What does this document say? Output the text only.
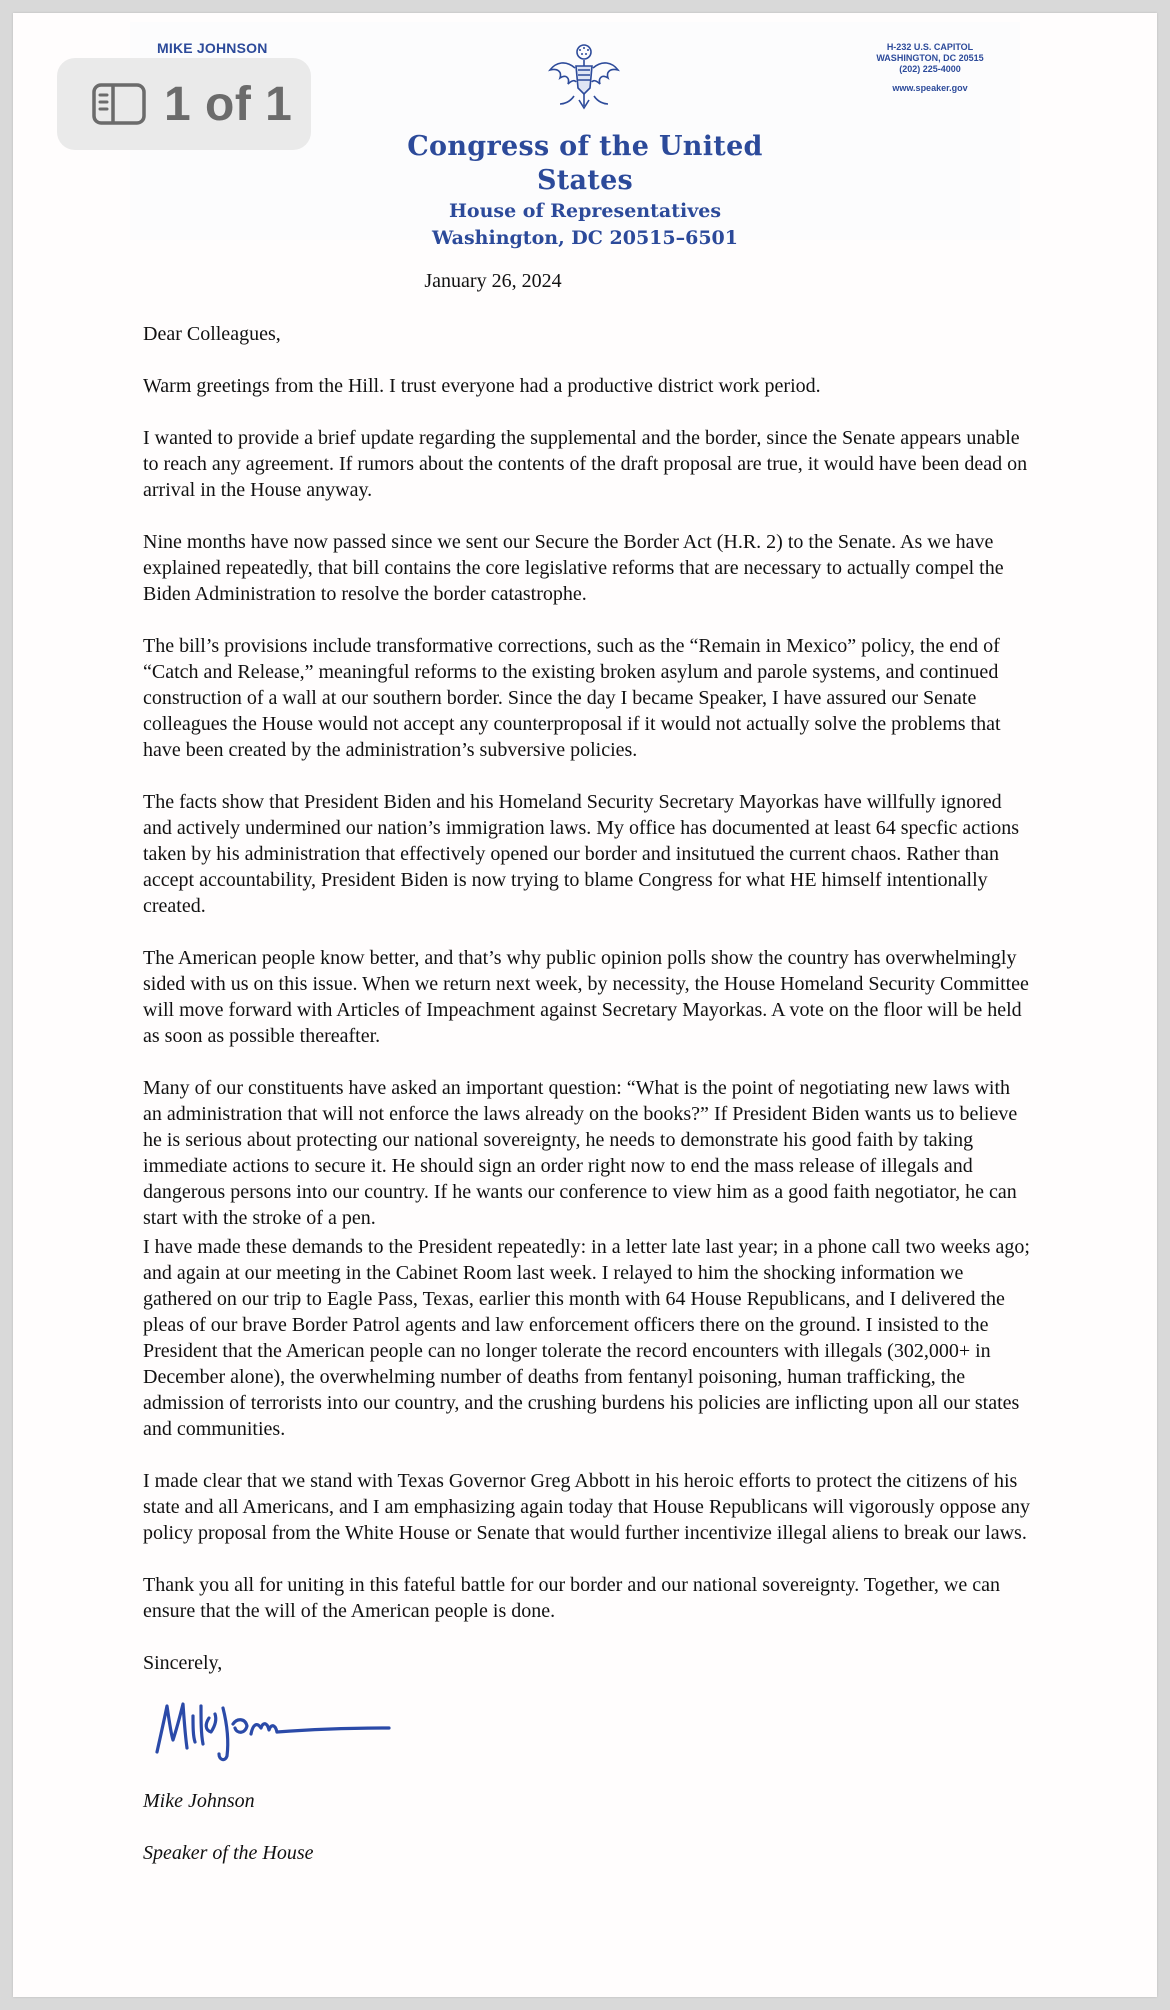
MIKE JOHNSON	H-232 U.S. CAPITOL
WASHINGTON, DC 20515
(202) 225-4000
www.speaker.gov
Congress of the United States
House of Representatives
Washington, DC 20515–6501
1 of 1
January 26, 2024

Dear Colleagues,

Warm greetings from the Hill. I trust everyone had a productive district work period.

I wanted to provide a brief update regarding the supplemental and the border, since the Senate appears unable to reach any agreement. If rumors about the contents of the draft proposal are true, it would have been dead on arrival in the House anyway.

Nine months have now passed since we sent our Secure the Border Act (H.R. 2) to the Senate. As we have explained repeatedly, that bill contains the core legislative reforms that are necessary to actually compel the Biden Administration to resolve the border catastrophe.

The bill’s provisions include transformative corrections, such as the “Remain in Mexico” policy, the end of “Catch and Release,” meaningful reforms to the existing broken asylum and parole systems, and continued construction of a wall at our southern border. Since the day I became Speaker, I have assured our Senate colleagues the House would not accept any counterproposal if it would not actually solve the problems that have been created by the administration’s subversive policies.

The facts show that President Biden and his Homeland Security Secretary Mayorkas have willfully ignored and actively undermined our nation’s immigration laws. My office has documented at least 64 specfic actions taken by his administration that effectively opened our border and insitutued the current chaos. Rather than accept accountability, President Biden is now trying to blame Congress for what HE himself intentionally created.

The American people know better, and that’s why public opinion polls show the country has overwhelmingly sided with us on this issue. When we return next week, by necessity, the House Homeland Security Committee will move forward with Articles of Impeachment against Secretary Mayorkas. A vote on the floor will be held as soon as possible thereafter.

Many of our constituents have asked an important question: “What is the point of negotiating new laws with an administration that will not enforce the laws already on the books?” If President Biden wants us to believe he is serious about protecting our national sovereignty, he needs to demonstrate his good faith by taking immediate actions to secure it. He should sign an order right now to end the mass release of illegals and dangerous persons into our country. If he wants our conference to view him as a good faith negotiator, he can start with the stroke of a pen.

I have made these demands to the President repeatedly: in a letter late last year; in a phone call two weeks ago; and again at our meeting in the Cabinet Room last week. I relayed to him the shocking information we gathered on our trip to Eagle Pass, Texas, earlier this month with 64 House Republicans, and I delivered the pleas of our brave Border Patrol agents and law enforcement officers there on the ground. I insisted to the President that the American people can no longer tolerate the record encounters with illegals (302,000+ in December alone), the overwhelming number of deaths from fentanyl poisoning, human trafficking, the admission of terrorists into our country, and the crushing burdens his policies are inflicting upon all our states and communities.

I made clear that we stand with Texas Governor Greg Abbott in his heroic efforts to protect the citizens of his state and all Americans, and I am emphasizing again today that House Republicans will vigorously oppose any policy proposal from the White House or Senate that would further incentivize illegal aliens to break our laws.

Thank you all for uniting in this fateful battle for our border and our national sovereignty. Together, we can ensure that the will of the American people is done.

Sincerely,

Mike Johnson

Speaker of the House
